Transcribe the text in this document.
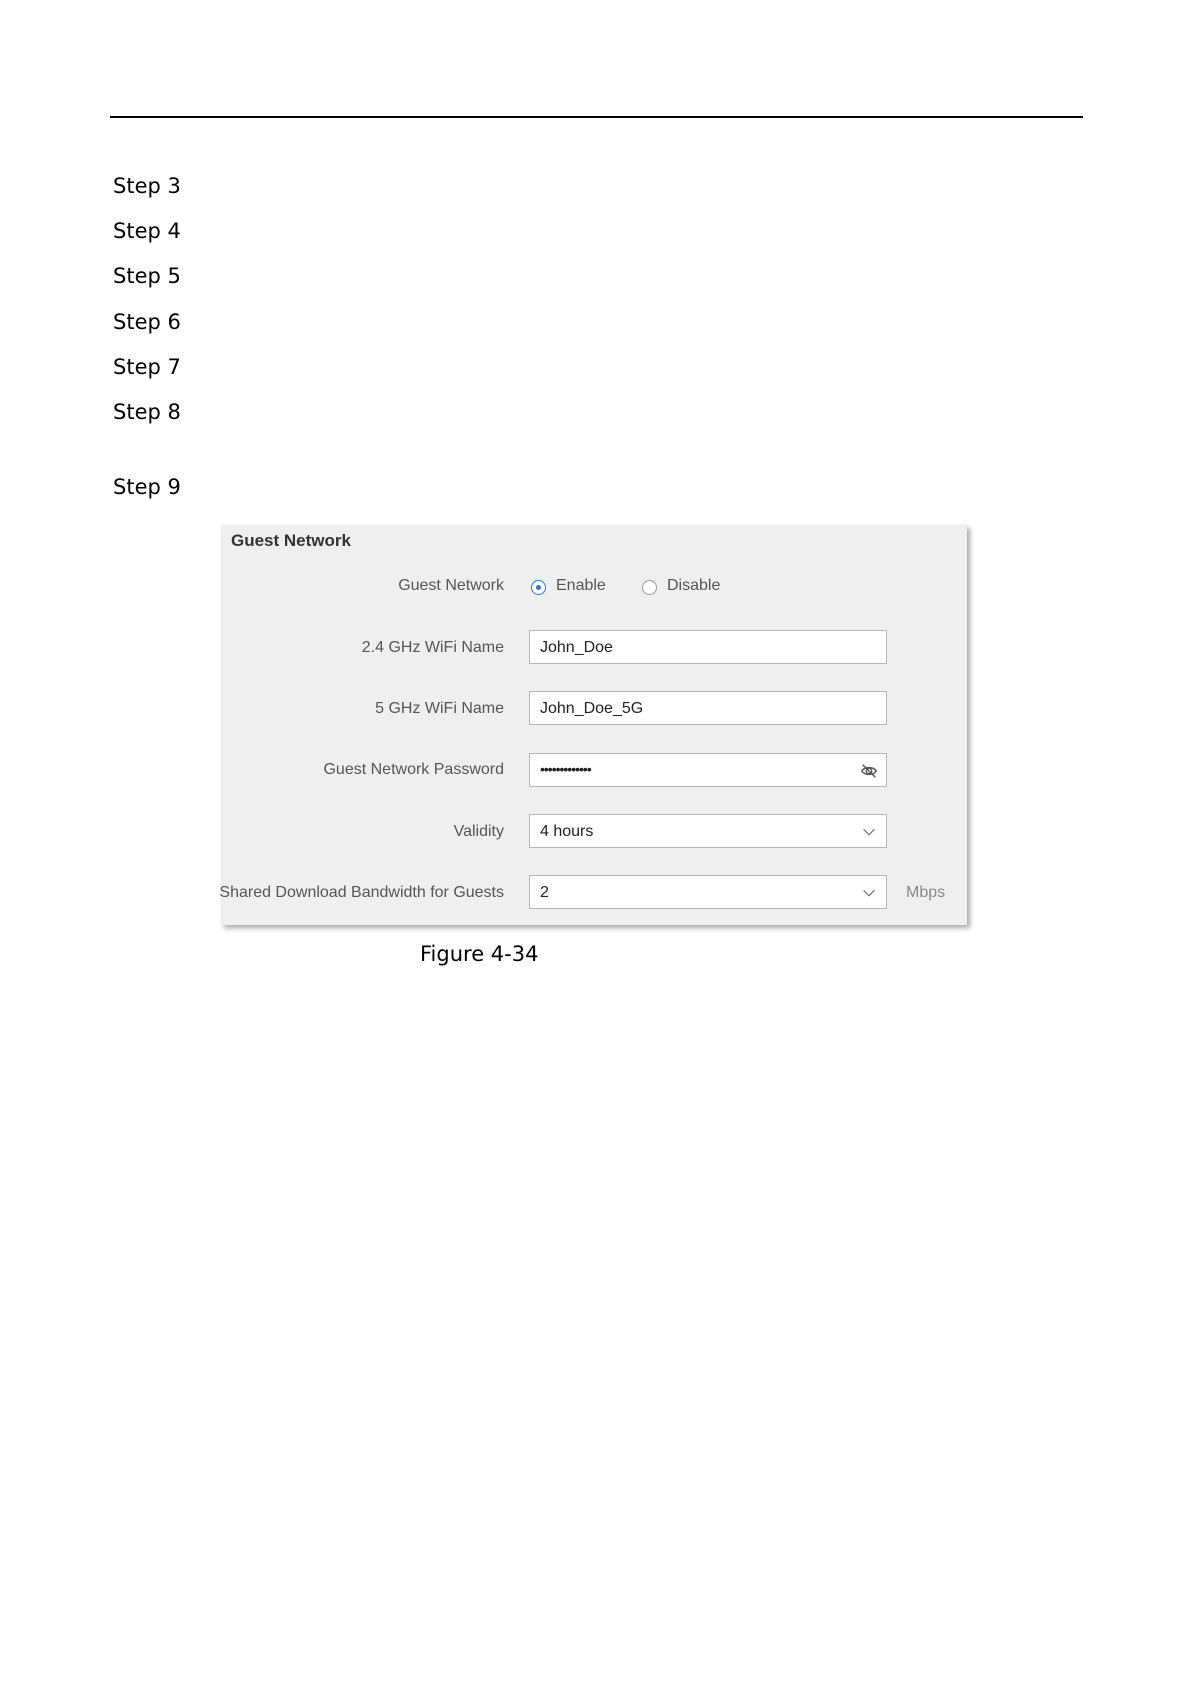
Step 3
Step 4
Step 5
Step 6
Step 7
Step 8
Step 9
Guest Network
Guest Network	Enable	Disable
2.4 GHz WiFi Name John_Doe
5 GHz WiFi Name John_Doe_5G
Guest Network Password	•••••••••••••
Validity 4 hours
Shared Download Bandwidth for Guests 2	Mbps
Figure 4-34
